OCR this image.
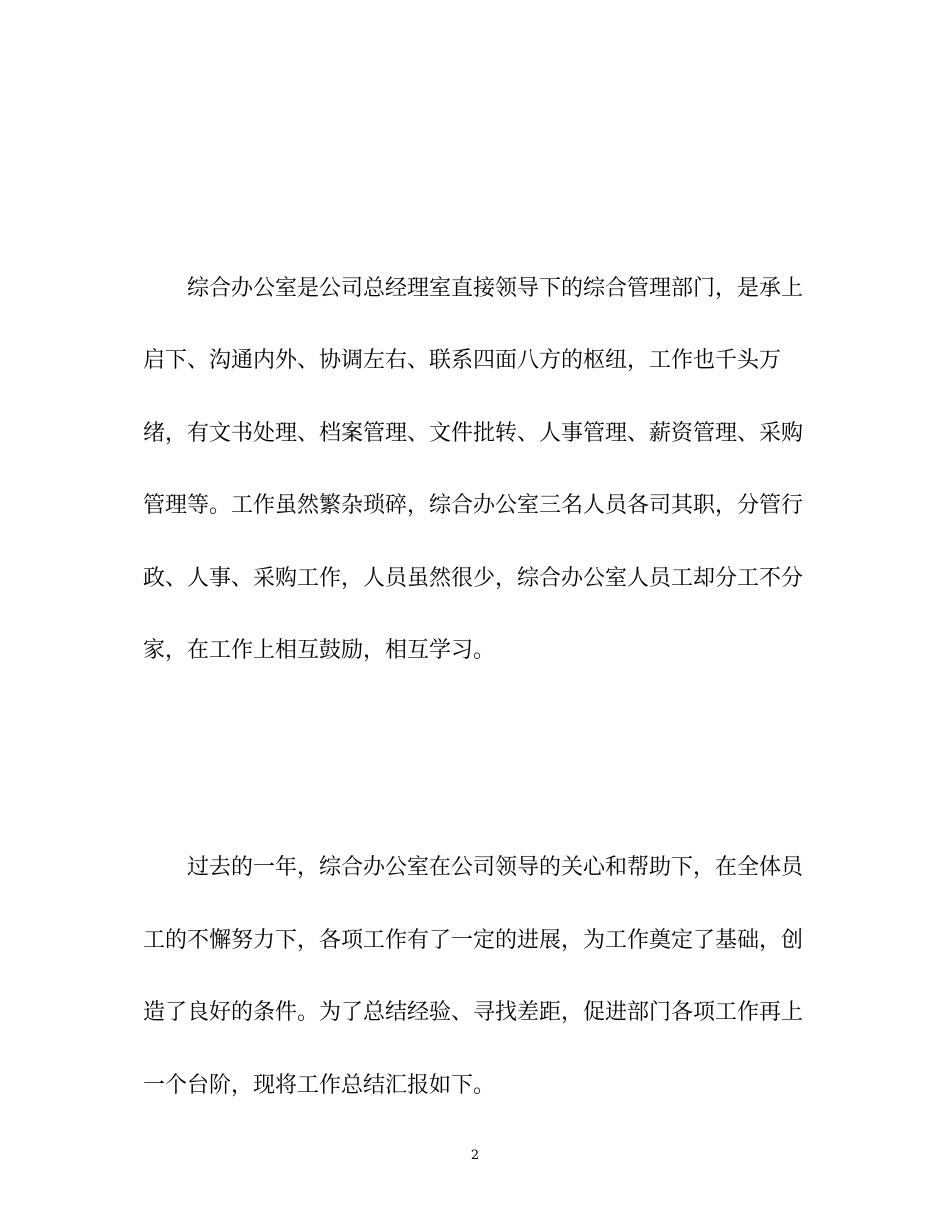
　　综合办公室是公司总经理室直接领导下的综合管理部门，是承上
启下、沟通内外、协调左右、联系四面八方的枢纽，工作也千头万
绪，有文书处理、档案管理、文件批转、人事管理、薪资管理、采购
管理等。工作虽然繁杂琐碎，综合办公室三名人员各司其职，分管行
政、人事、采购工作，人员虽然很少，综合办公室人员工却分工不分
家，在工作上相互鼓励，相互学习。
　　过去的一年，综合办公室在公司领导的关心和帮助下，在全体员
工的不懈努力下，各项工作有了一定的进展，为工作奠定了基础，创
造了良好的条件。为了总结经验、寻找差距，促进部门各项工作再上
一个台阶，现将工作总结汇报如下。
2
